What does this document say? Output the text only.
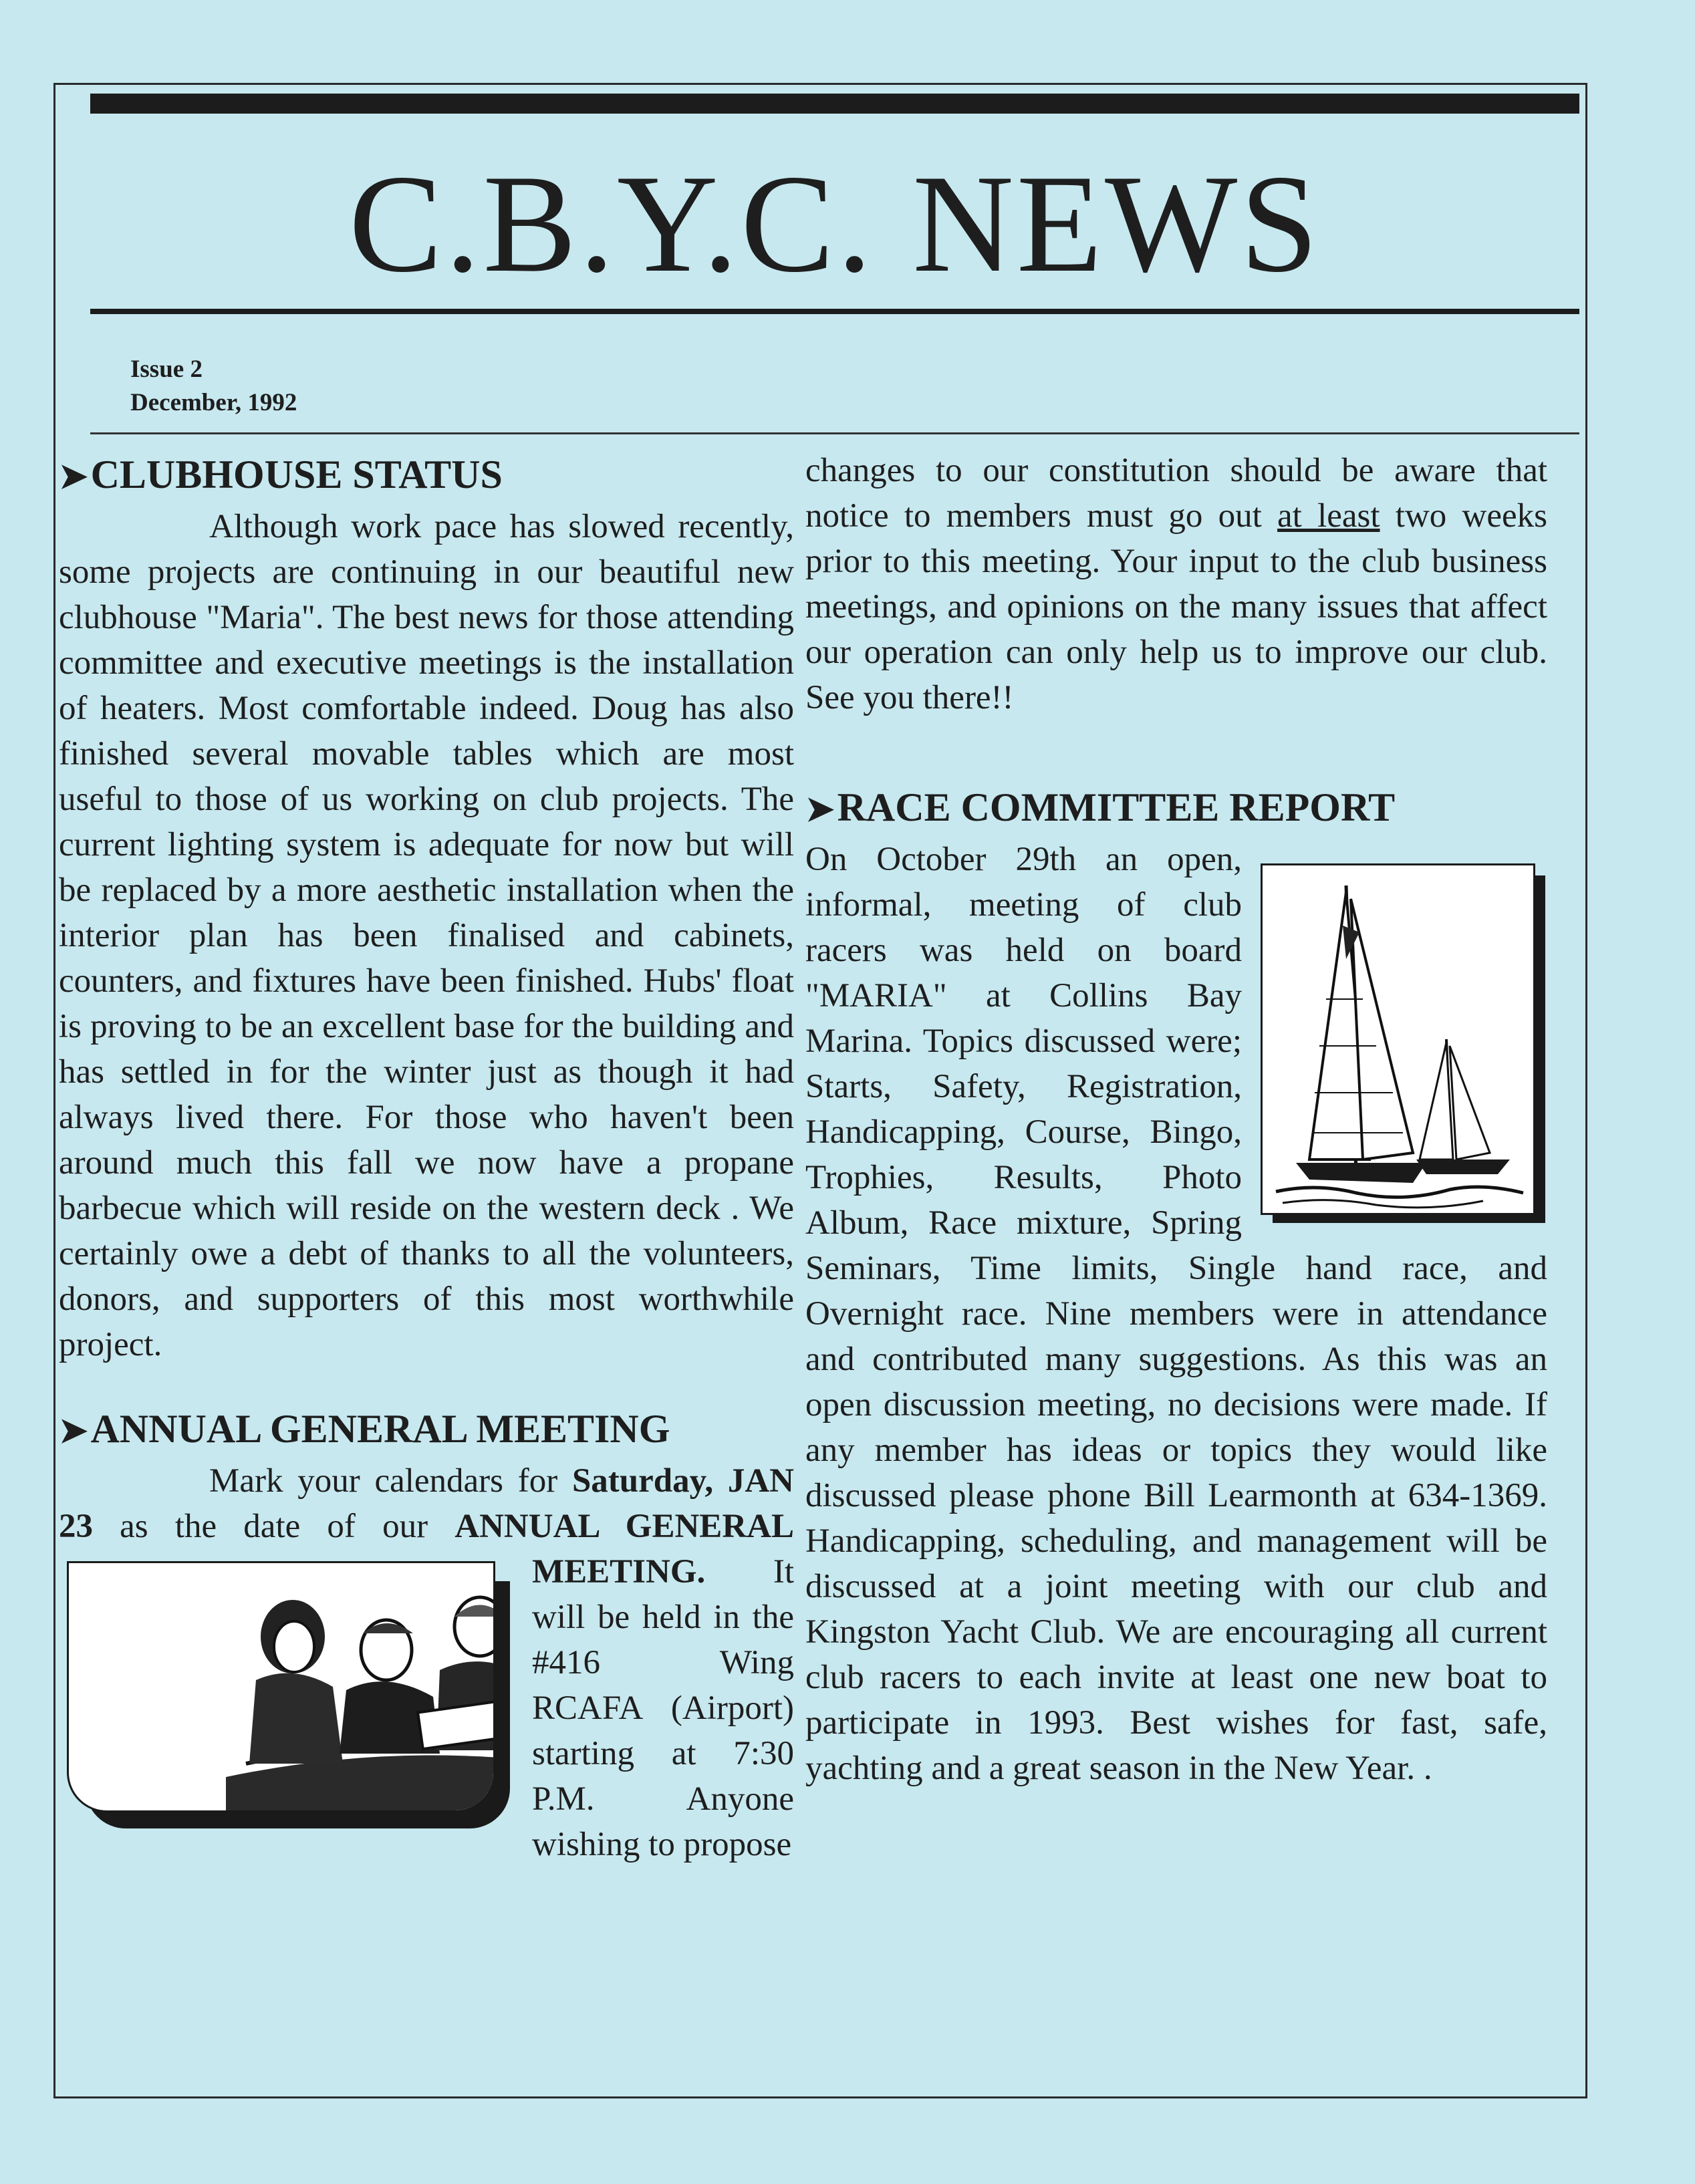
C.B.Y.C. NEWS
Issue 2
December, 1992
➤CLUBHOUSE STATUS

Although work pace has slowed recently, some projects are continuing in our beautiful new clubhouse "Maria". The best news for those attending committee and executive meetings is the installation of heaters. Most comfortable indeed. Doug has also finished several movable tables which are most useful to those of us working on club projects. The current lighting system is adequate for now but will be replaced by a more aesthetic installation when the interior plan has been finalised and cabinets, counters, and fixtures have been finished. Hubs' float is proving to be an excellent base for the building and has settled in for the winter just as though it had always lived there. For those who haven't been around much this fall we now have a propane barbecue which will reside on the western deck . We certainly owe a debt of thanks to all the volunteers, donors, and supporters of this most worthwhile project.

➤ANNUAL GENERAL MEETING

Mark your calendars for Saturday, JAN 23 as the date of our ANNUAL GENERAL MEETING.
It will be held in the #416 Wing RCAFA (Airport) starting at 7:30 P.M. Anyone wishing to propose

changes to our constitution should be aware that notice to members must go out at least two weeks prior to this meeting. Your input to the club business meetings, and opinions on the many issues that affect our operation can only help us to improve our club. See you there!!

➤RACE COMMITTEE REPORT

On October 29th an open, informal, meeting of club racers was held on board "MARIA" at Collins Bay Marina. Topics discussed were; Starts, Safety, Registration, Handicapping, Course, Bingo, Trophies, Results, Photo Album, Race mixture, Spring Seminars, Time limits, Single hand race, and Overnight race. Nine members were in attendance and contributed many suggestions. As this was an open discussion meeting, no decisions were made. If any member has ideas or topics they would like discussed please phone Bill Learmonth at 634-1369. Handicapping, scheduling, and management will be discussed at a joint meeting with our club and Kingston Yacht Club. We are encouraging all current club racers to each invite at least one new boat to participate in 1993. Best wishes for fast, safe, yachting and a great season in the New Year. .
